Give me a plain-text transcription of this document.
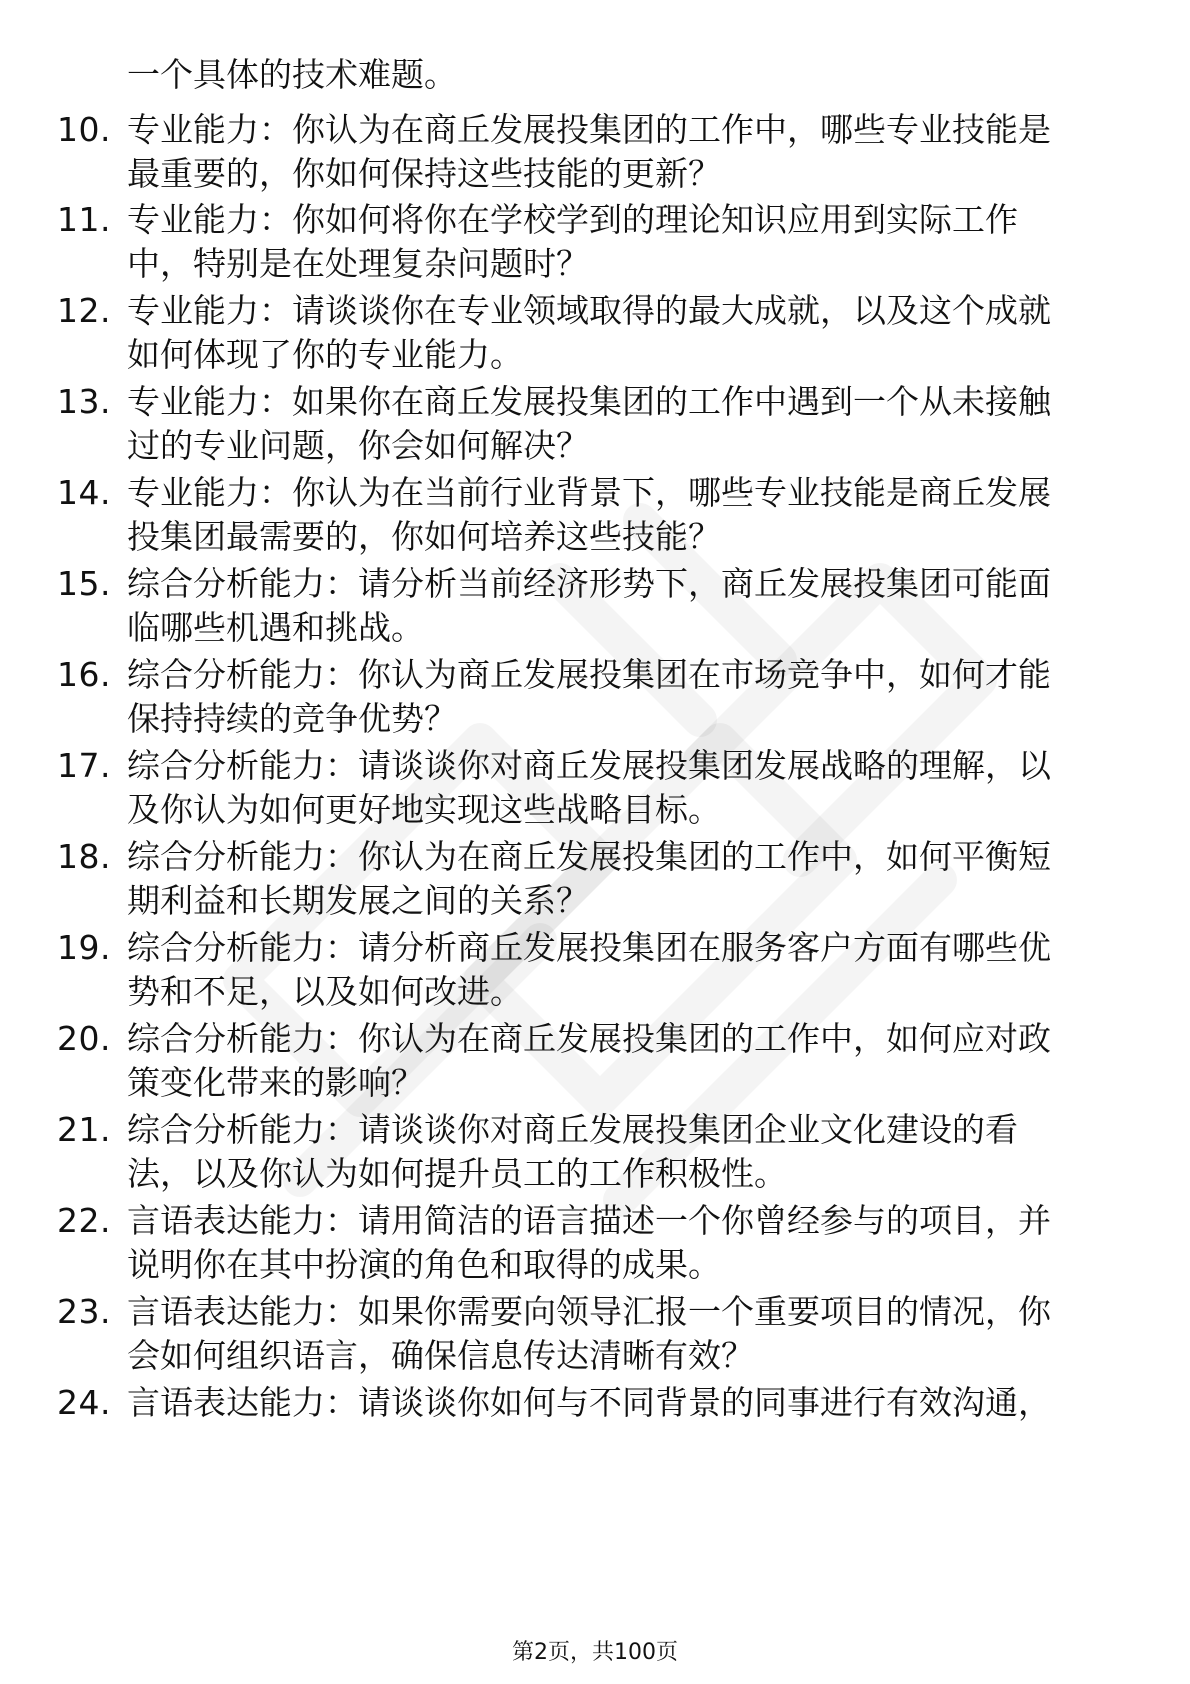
一个具体的技术难题。
10. 专业能力：你认为在商丘发展投集团的工作中，哪些专业技能是
最重要的，你如何保持这些技能的更新？
11. 专业能力：你如何将你在学校学到的理论知识应用到实际工作
中，特别是在处理复杂问题时？
12. 专业能力：请谈谈你在专业领域取得的最大成就，以及这个成就
如何体现了你的专业能力。
13. 专业能力：如果你在商丘发展投集团的工作中遇到一个从未接触
过的专业问题，你会如何解决？
14. 专业能力：你认为在当前行业背景下，哪些专业技能是商丘发展
投集团最需要的，你如何培养这些技能？
15. 综合分析能力：请分析当前经济形势下，商丘发展投集团可能面
临哪些机遇和挑战。
16. 综合分析能力：你认为商丘发展投集团在市场竞争中，如何才能
保持持续的竞争优势？
17. 综合分析能力：请谈谈你对商丘发展投集团发展战略的理解，以
及你认为如何更好地实现这些战略目标。
18. 综合分析能力：你认为在商丘发展投集团的工作中，如何平衡短
期利益和长期发展之间的关系？
19. 综合分析能力：请分析商丘发展投集团在服务客户方面有哪些优
势和不足，以及如何改进。
20. 综合分析能力：你认为在商丘发展投集团的工作中，如何应对政
策变化带来的影响？
21. 综合分析能力：请谈谈你对商丘发展投集团企业文化建设的看
法，以及你认为如何提升员工的工作积极性。
22. 言语表达能力：请用简洁的语言描述一个你曾经参与的项目，并
说明你在其中扮演的角色和取得的成果。
23. 言语表达能力：如果你需要向领导汇报一个重要项目的情况，你
会如何组织语言，确保信息传达清晰有效？
24. 言语表达能力：请谈谈你如何与不同背景的同事进行有效沟通，
第2页，共100页
